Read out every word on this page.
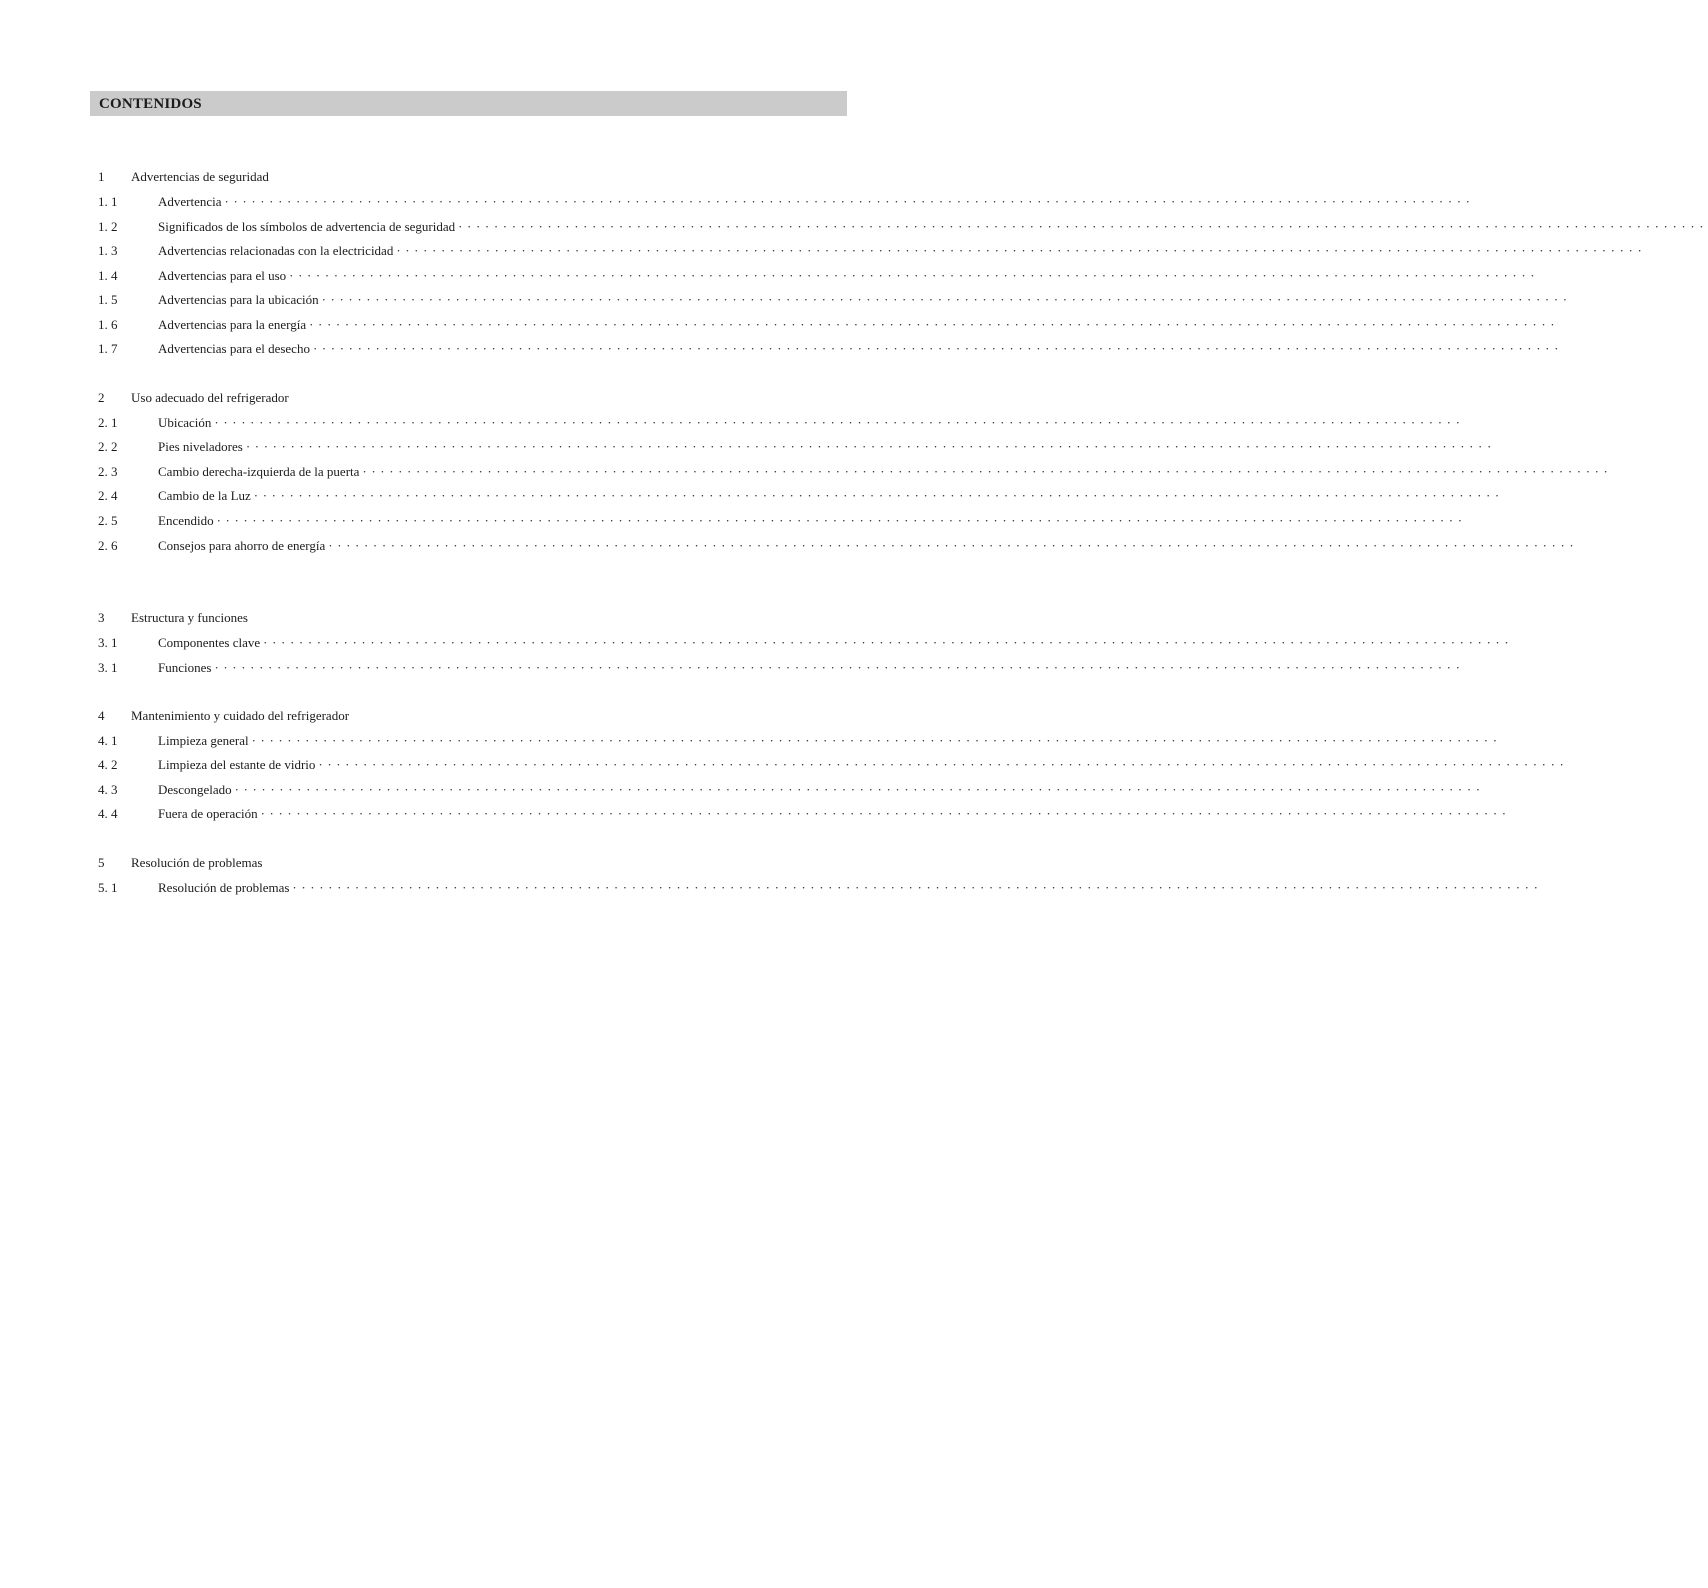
CONTENIDOS
1	Advertencias de seguridad
1. 1	Advertencia ············································································································································
1. 2	Significados de los símbolos de advertencia de seguridad ············································································································································
1. 3	Advertencias relacionadas con la electricidad ············································································································································
1. 4	Advertencias para el uso ············································································································································
1. 5	Advertencias para la ubicación ············································································································································
1. 6	Advertencias para la energía ············································································································································
1. 7	Advertencias para el desecho ············································································································································
2	Uso adecuado del refrigerador
2. 1	Ubicación ············································································································································
2. 2	Pies niveladores ············································································································································
2. 3	Cambio derecha-izquierda de la puerta ············································································································································
2. 4	Cambio de la Luz ············································································································································
2. 5	Encendido ············································································································································
2. 6	Consejos para ahorro de energía ············································································································································
3	Estructura y funciones
3. 1	Componentes clave ············································································································································
3. 1	Funciones ············································································································································
4	Mantenimiento y cuidado del refrigerador
4. 1	Limpieza general ············································································································································
4. 2	Limpieza del estante de vidrio ············································································································································
4. 3	Descongelado ············································································································································
4. 4	Fuera de operación ············································································································································
5	Resolución de problemas
5. 1	Resolución de problemas ············································································································································
